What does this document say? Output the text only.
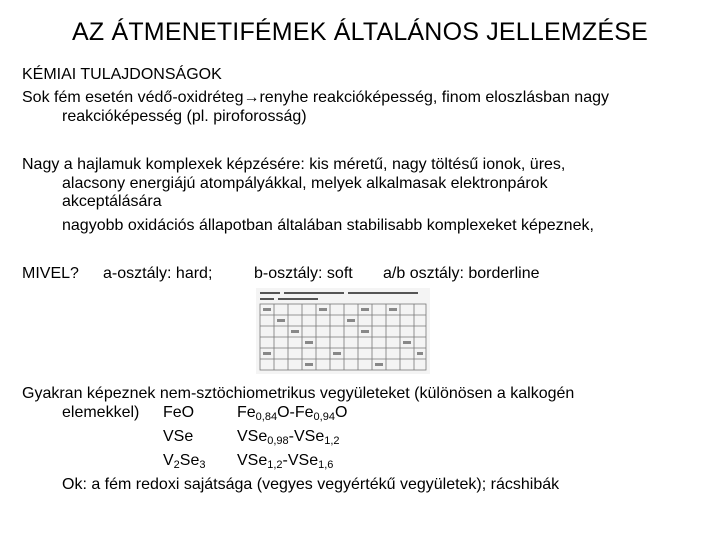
AZ ÁTMENETIFÉMEK ÁLTALÁNOS JELLEMZÉSE
KÉMIAI TULAJDONSÁGOK
Sok fém esetén védő-oxidréteg→renyhe reakcióképesség, finom eloszlásban nagy
reakcióképesség (pl. piroforosság)
Nagy a hajlamuk komplexek képzésére: kis méretű, nagy töltésű ionok, üres,
alacsony energiájú atompályákkal, melyek alkalmasak elektronpárok
akceptálására
nagyobb oxidációs állapotban általában stabilisabb komplexeket képeznek,
MIVEL? a-osztály: hard;	b-osztály: soft a/b osztály: borderline
Gyakran képeznek nem-sztöchiometrikus vegyületeket (különösen a kalkogén
elemekkel) FeO	$Fe_{0,84}O-Fe_{0,94}O$
VSe	VSe$_{0,98}$-VSe$_{1,2}$
$V_2Se_3$ VSe$_{1,2}$-VSe$_{1,6}$
Ok: a fém redoxi sajátsága (vegyes vegyértékű vegyületek); rácshibák
